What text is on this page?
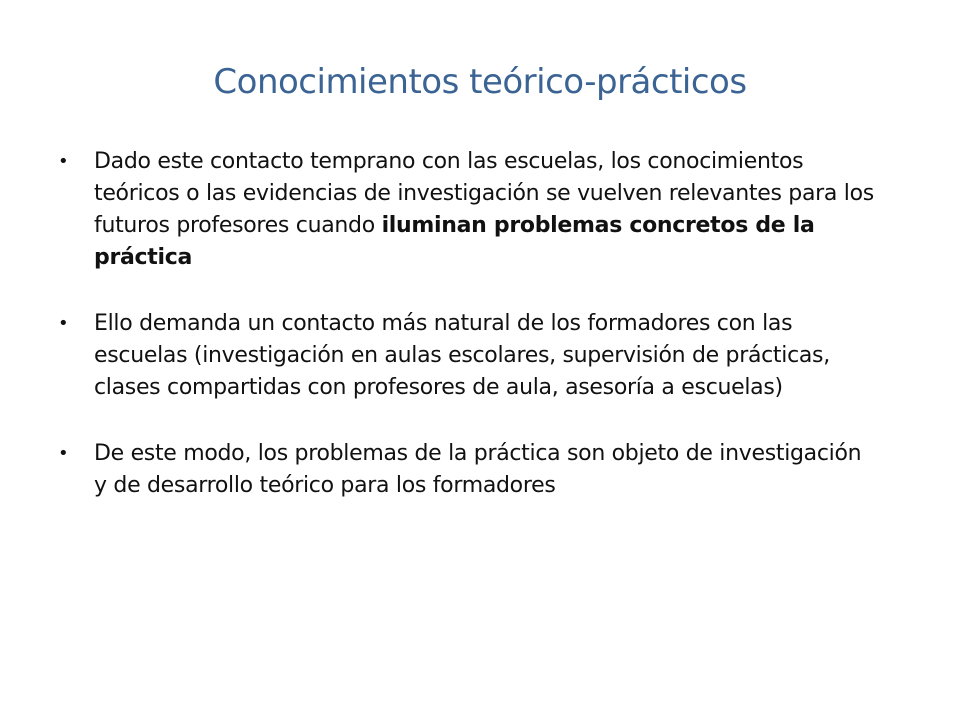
Conocimientos teórico-prácticos
• Dado este contacto temprano con las escuelas, los conocimientos teóricos o las evidencias de investigación se vuelven relevantes para los futuros profesores cuando iluminan problemas concretos de la práctica
• Ello demanda un contacto más natural de los formadores con las escuelas (investigación en aulas escolares, supervisión de prácticas, clases compartidas con profesores de aula, asesoría a escuelas)
• De este modo, los problemas de la práctica son objeto de investigación y de desarrollo teórico para los formadores
